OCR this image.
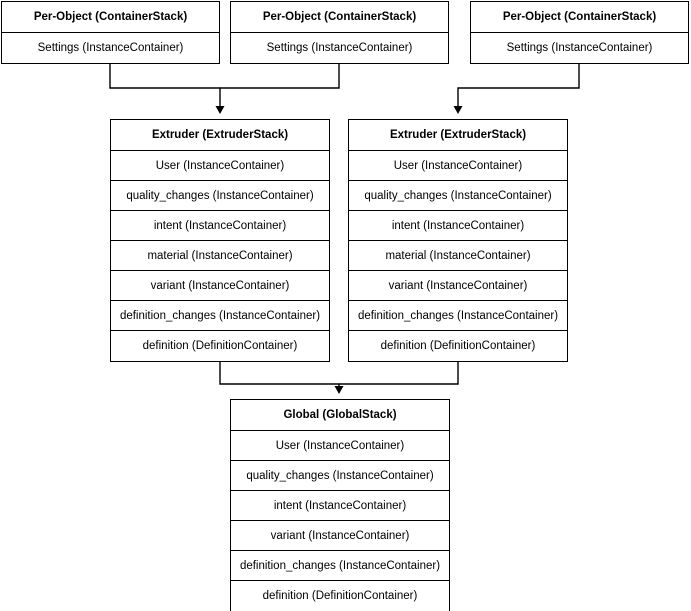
Per-Object (ContainerStack)
Settings (InstanceContainer)
Per-Object (ContainerStack)
Settings (InstanceContainer)
Per-Object (ContainerStack)
Settings (InstanceContainer)
Extruder (ExtruderStack)
User (InstanceContainer)
quality_changes (InstanceContainer)
intent (InstanceContainer)
material (InstanceContainer)
variant (InstanceContainer)
definition_changes (InstanceContainer)
definition (DefinitionContainer)
Extruder (ExtruderStack)
User (InstanceContainer)
quality_changes (InstanceContainer)
intent (InstanceContainer)
material (InstanceContainer)
variant (InstanceContainer)
definition_changes (InstanceContainer)
definition (DefinitionContainer)
Global (GlobalStack)
User (InstanceContainer)
quality_changes (InstanceContainer)
intent (InstanceContainer)
variant (InstanceContainer)
definition_changes (InstanceContainer)
definition (DefinitionContainer)
